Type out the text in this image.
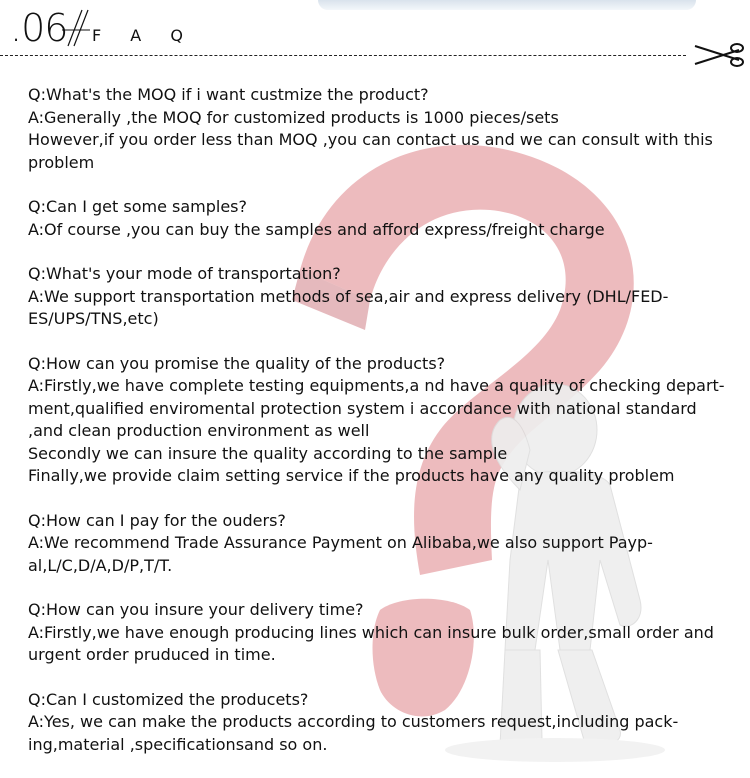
.06 F A Q

Q:What's the MOQ if i want custmize the product?

A:Generally ,the MOQ for customized products is 1000 pieces/sets

However,if you order less than MOQ ,you can contact us and we can consult with this

problem

Q:Can I get some samples?

A:Of course ,you can buy the samples and afford express/freight charge

Q:What's your mode of transportation?

A:We support transportation methods of sea,air and express delivery (DHL/FED-

ES/UPS/TNS,etc)

Q:How can you promise the quality of the products?

A:Firstly,we have complete testing equipments,a nd have a quality of checking depart-

ment,qualified enviromental protection system i accordance with national standard

,and clean production environment as well

Secondly we can insure the quality according to the sample

Finally,we provide claim setting service if the products have any quality problem

Q:How can I pay for the ouders?

A:We recommend Trade Assurance Payment on Alibaba,we also support Payp-

al,L/C,D/A,D/P,T/T.

Q:How can you insure your delivery time?

A:Firstly,we have enough producing lines which can insure bulk order,small order and

urgent order pruduced in time.

Q:Can I customized the producets?

A:Yes, we can make the products according to customers request,including pack-

ing,material ,specificationsand so on.
